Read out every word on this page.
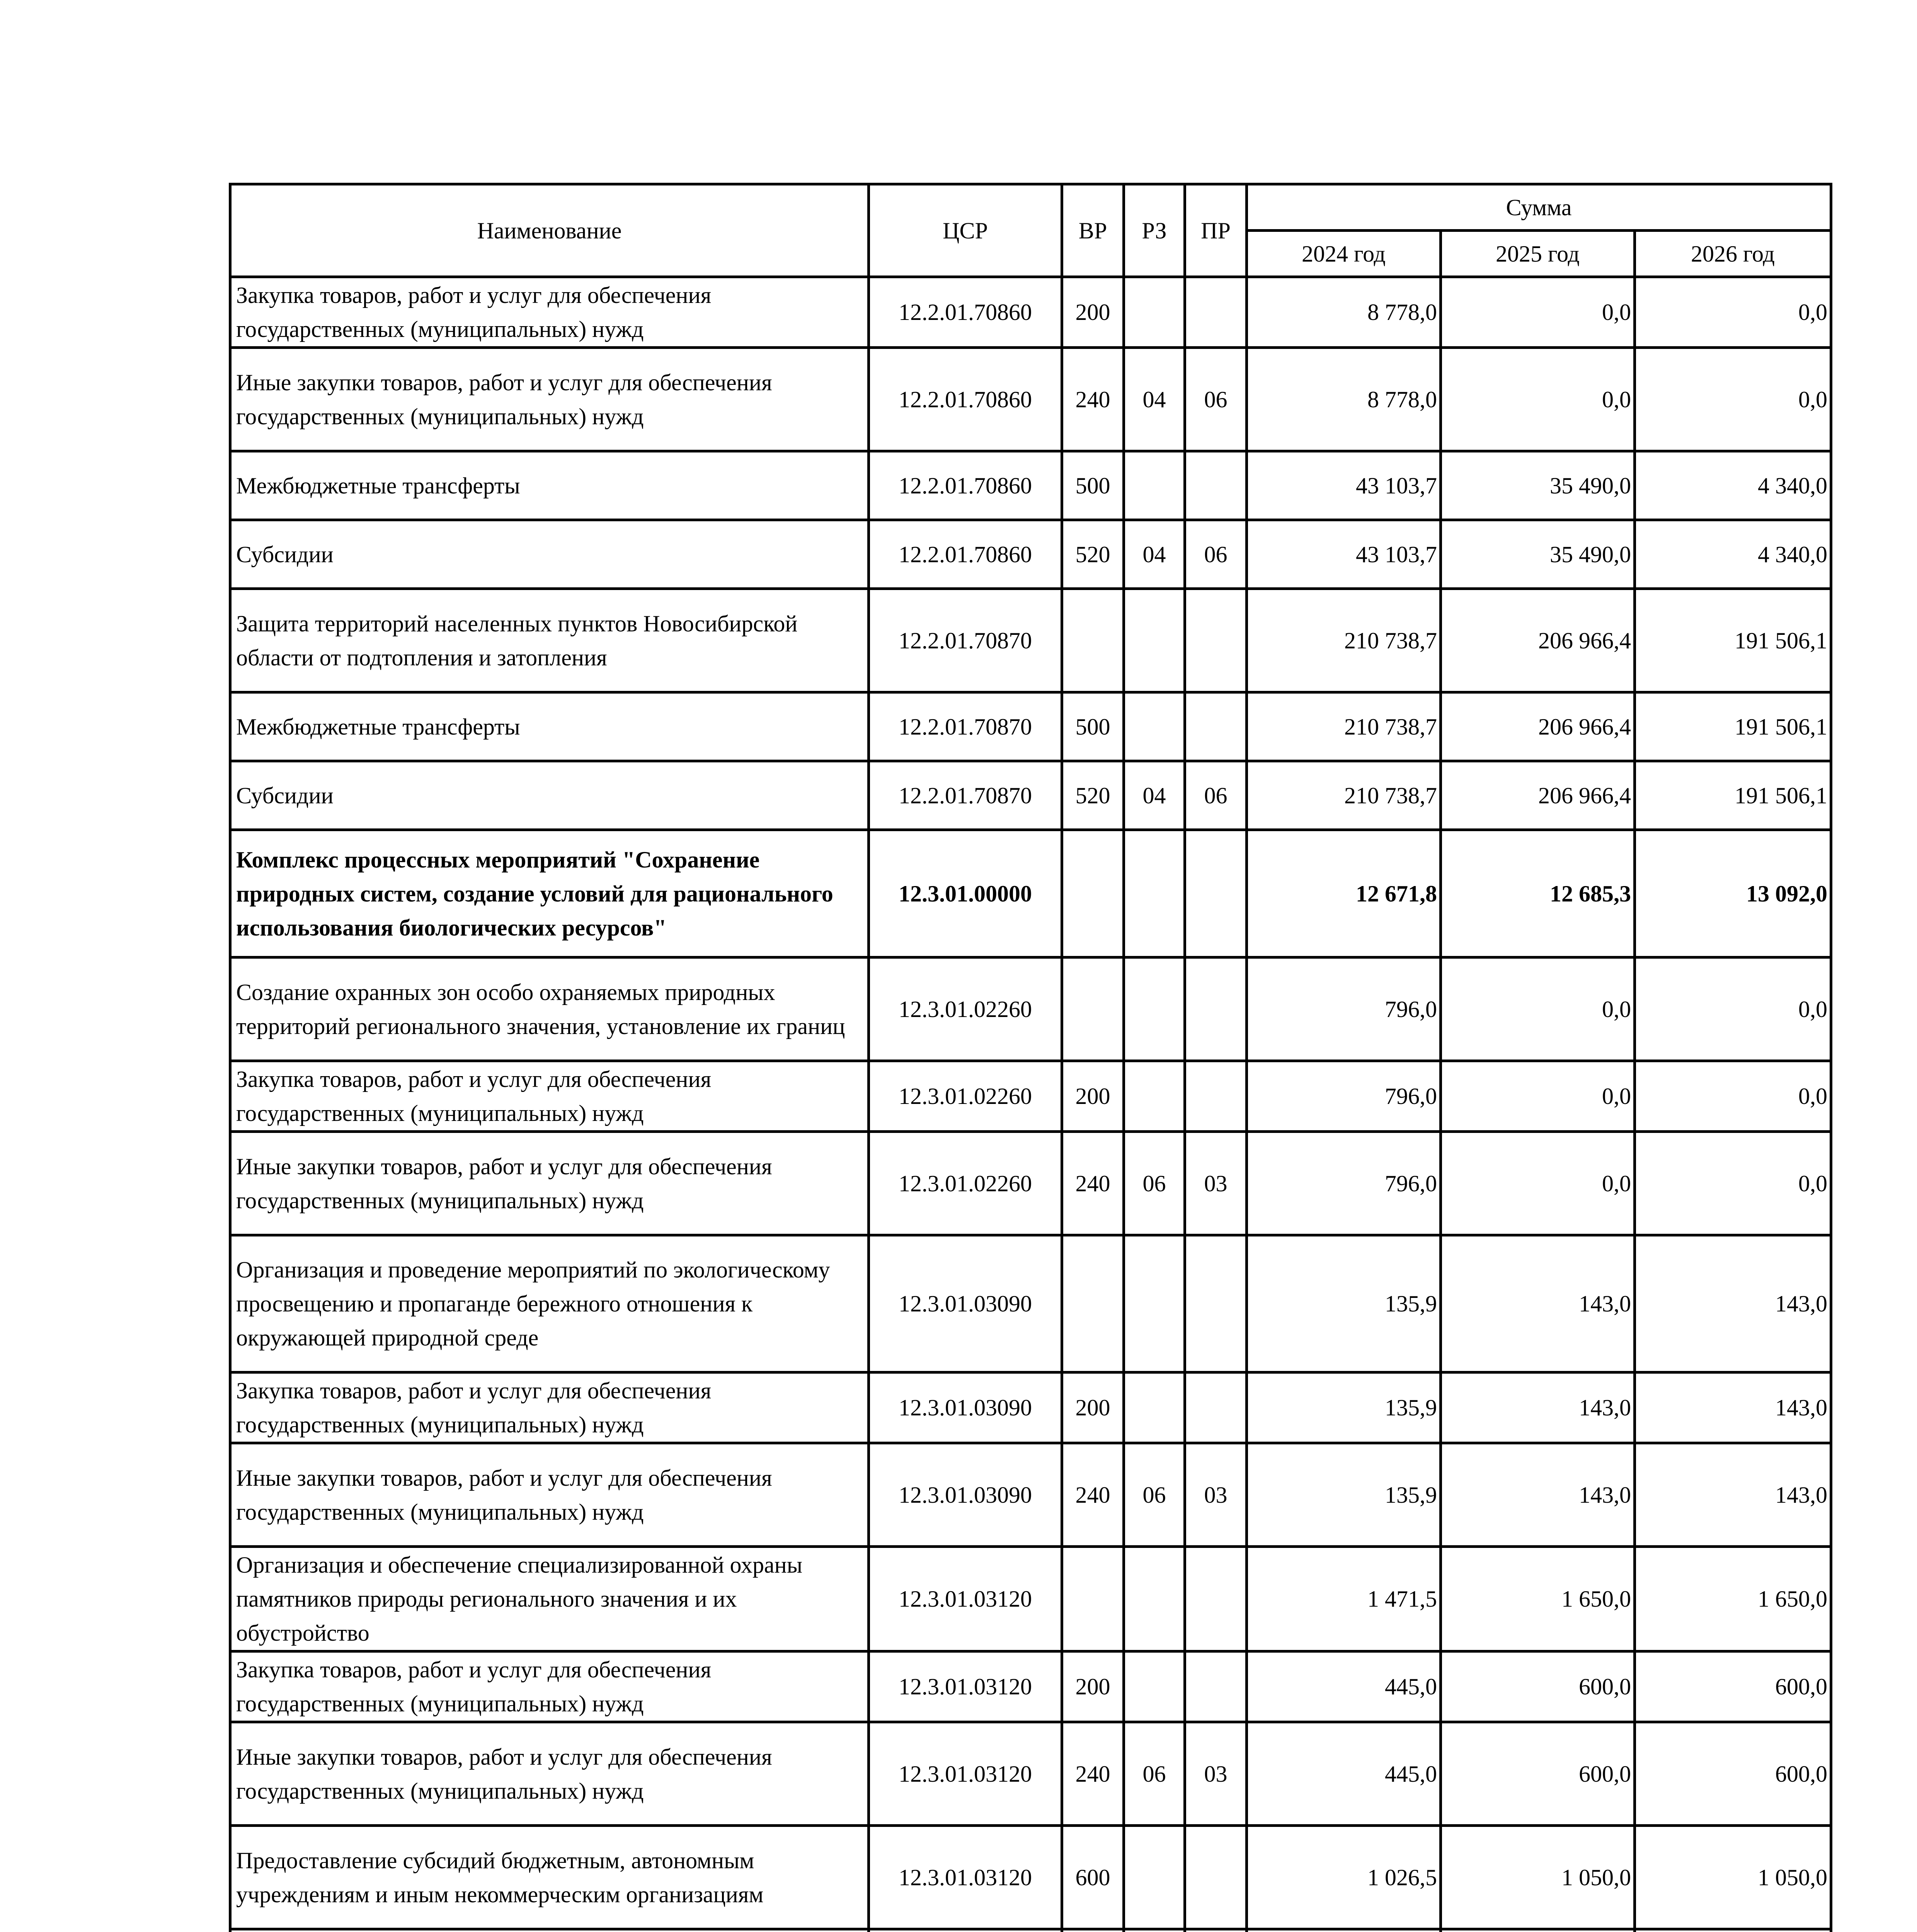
Наименование	ЦСР	ВР	РЗ	ПР	Сумма		
					2024 год	2025 год	2026 год
Закупка товаров, работ и услуг для обеспечения государственных (муниципальных) нужд	12.2.01.70860	200			8 778,0	0,0	0,0
Иные закупки товаров, работ и услуг для обеспечения государственных (муниципальных) нужд	12.2.01.70860	240	04	06	8 778,0	0,0	0,0
Межбюджетные трансферты	12.2.01.70860	500			43 103,7	35 490,0	4 340,0
Субсидии	12.2.01.70860	520	04	06	43 103,7	35 490,0	4 340,0
Защита территорий населенных пунктов Новосибирской области от подтопления и затопления	12.2.01.70870				210 738,7	206 966,4	191 506,1
Межбюджетные трансферты	12.2.01.70870	500			210 738,7	206 966,4	191 506,1
Субсидии	12.2.01.70870	520	04	06	210 738,7	206 966,4	191 506,1
Комплекс процессных мероприятий "Сохранение природных систем, создание условий для рационального использования биологических ресурсов"	12.3.01.00000				12 671,8	12 685,3	13 092,0
Создание охранных зон особо охраняемых природных территорий регионального значения, установление их границ	12.3.01.02260				796,0	0,0	0,0
Закупка товаров, работ и услуг для обеспечения государственных (муниципальных) нужд	12.3.01.02260	200			796,0	0,0	0,0
Иные закупки товаров, работ и услуг для обеспечения государственных (муниципальных) нужд	12.3.01.02260	240	06	03	796,0	0,0	0,0
Организация и проведение мероприятий по экологическому просвещению и пропаганде бережного отношения к окружающей природной среде	12.3.01.03090				135,9	143,0	143,0
Закупка товаров, работ и услуг для обеспечения государственных (муниципальных) нужд	12.3.01.03090	200			135,9	143,0	143,0
Иные закупки товаров, работ и услуг для обеспечения государственных (муниципальных) нужд	12.3.01.03090	240	06	03	135,9	143,0	143,0
Организация и обеспечение специализированной охраны памятников природы регионального значения и их обустройство	12.3.01.03120				1 471,5	1 650,0	1 650,0
Закупка товаров, работ и услуг для обеспечения государственных (муниципальных) нужд	12.3.01.03120	200			445,0	600,0	600,0
Иные закупки товаров, работ и услуг для обеспечения государственных (муниципальных) нужд	12.3.01.03120	240	06	03	445,0	600,0	600,0
Предоставление субсидий бюджетным, автономным учреждениям и иным некоммерческим организациям	12.3.01.03120	600			1 026,5	1 050,0	1 050,0
